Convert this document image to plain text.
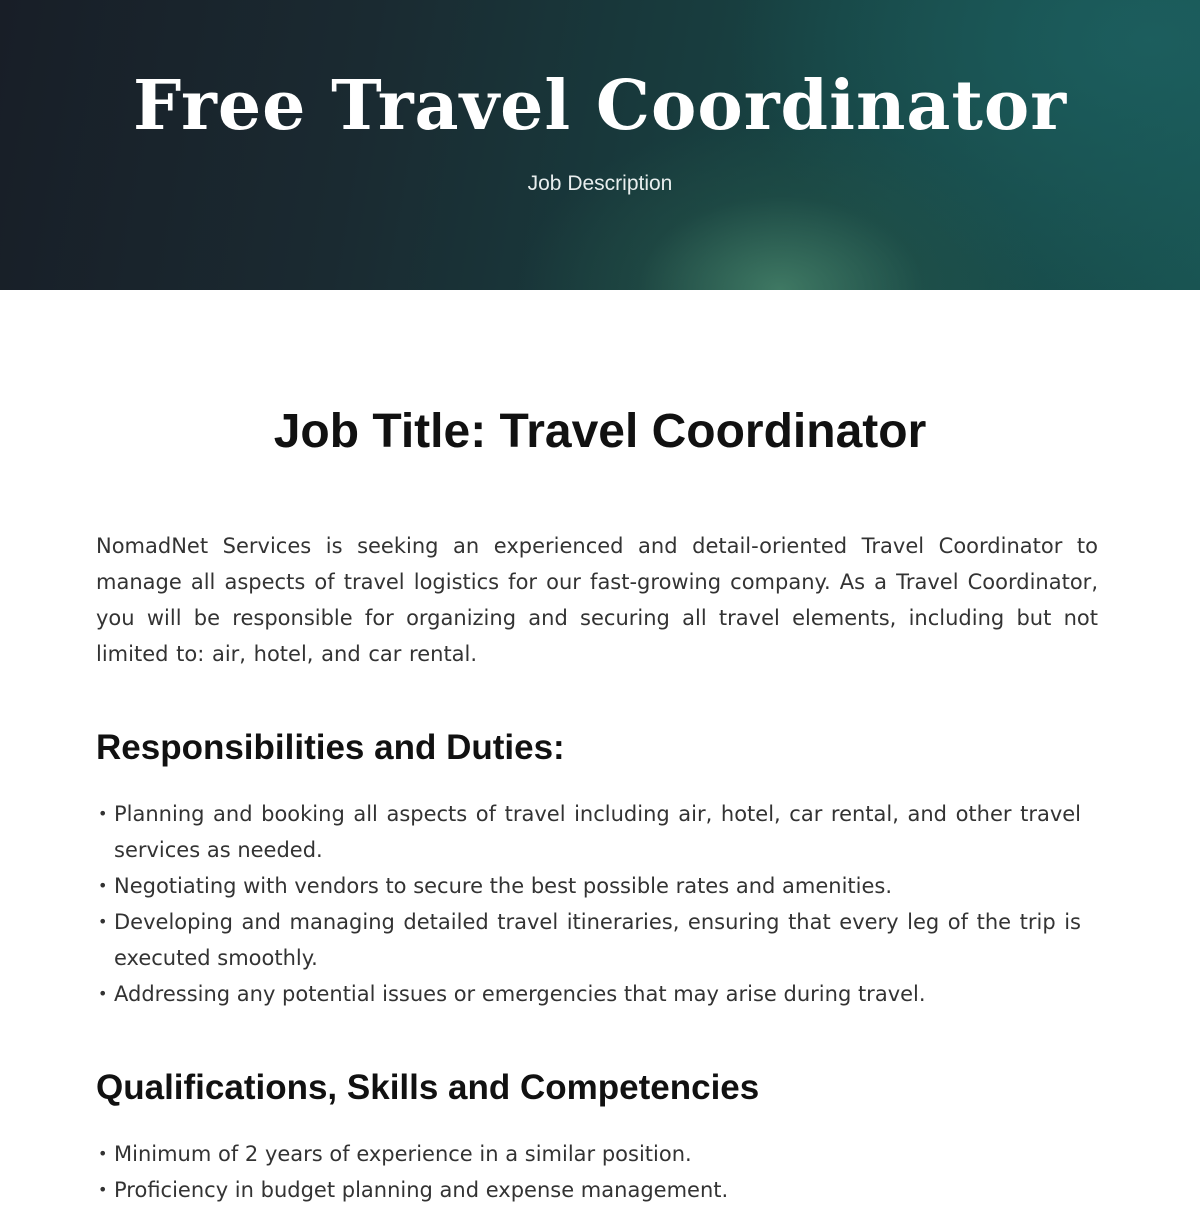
Free Travel Coordinator
Job Description
Job Title: Travel Coordinator

NomadNet Services is seeking an experienced and detail-oriented Travel Coordinator to manage all aspects of travel logistics for our fast-growing company. As a Travel Coordinator, you will be responsible for organizing and securing all travel elements, including but not limited to: air, hotel, and car rental.

Responsibilities and Duties:
• Planning and booking all aspects of travel including air, hotel, car rental, and other travel services as needed.
• Negotiating with vendors to secure the best possible rates and amenities.
• Developing and managing detailed travel itineraries, ensuring that every leg of the trip is executed smoothly.
• Addressing any potential issues or emergencies that may arise during travel.
Qualifications, Skills and Competencies
• Minimum of 2 years of experience in a similar position.
• Proficiency in budget planning and expense management.
